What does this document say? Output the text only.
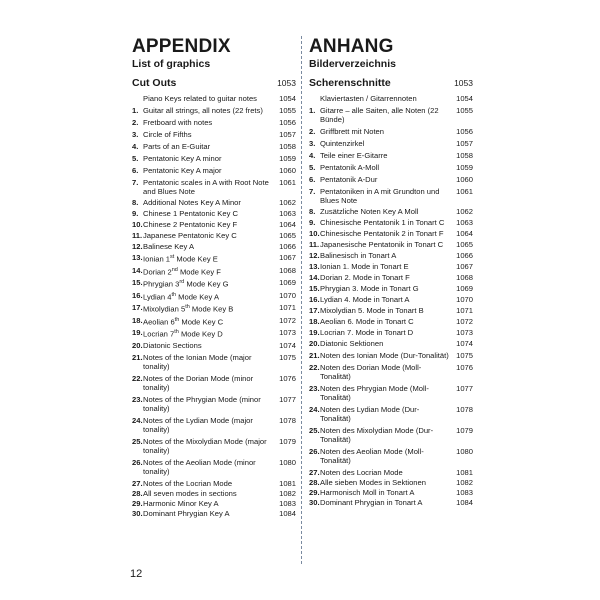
APPENDIX
List of graphics
Cut Outs	1053
Piano Keys related to guitar notes	1054
1. Guitar all strings, all notes (22 frets)	1055
2. Fretboard with notes	1056
3. Circle of Fifths	1057
4. Parts of an E-Guitar	1058
5. Pentatonic Key A minor	1059
6. Pentatonic Key A major	1060
7. Pentatonic scales in A with Root Note and Blues Note
1061
8. Additional Notes Key A Minor	1062
9. Chinese 1 Pentatonic Key C	1063
10. Chinese 2 Pentatonic Key F	1064
11. Japanese Pentatonic Key C	1065
12. Balinese Key A	1066
13. Ionian 1st Mode Key E	1067
14. Dorian 2nd Mode Key F	1068
15. Phrygian 3rd Mode Key G	1069
16. Lydian 4th Mode Key A	1070
17. Mixolydian 5th Mode Key B	1071
18. Aeolian 6th Mode Key C	1072
19. Locrian 7th Mode Key D	1073
20. Diatonic Sections	1074
21. Notes of the Ionian Mode (major tonality)
1075
22. Notes of the Dorian Mode (minor tonality)
1076
23. Notes of the Phrygian Mode (minor tonality)
1077
24. Notes of the Lydian Mode (major tonality)
1078
25. Notes of the Mixolydian Mode (major tonality)
1079
26. Notes of the Aeolian Mode (minor tonality)
1080
27. Notes of the Locrian Mode	1081
28. All seven modes in sections	1082
29. Harmonic Minor Key A	1083
30. Dominant Phrygian Key A	1084
ANHANG
Bilderverzeichnis
Scherenschnitte	1053
Klaviertasten / Gitarrennoten	1054
1. Gitarre – alle Saiten, alle Noten (22 Bünde)
1055
2. Griffbrett mit Noten	1056
3. Quintenzirkel	1057
4. Teile einer E-Gitarre	1058
5. Pentatonik A-Moll	1059
6. Pentatonik A-Dur	1060
7. Pentatoniken in A mit Grundton und Blues Note
1061
8. Zusätzliche Noten Key A Moll	1062
9. Chinesische Pentatonik 1 in Tonart C	1063
10. Chinesische Pentatonik 2 in Tonart F	1064
11. Japanesische Pentatonik in Tonart C	1065
12. Balinesisch in Tonart A	1066
13. Ionian 1. Mode in Tonart E	1067
14. Dorian 2. Mode in Tonart F	1068
15. Phrygian 3. Mode in Tonart G	1069
16. Lydian 4. Mode in Tonart A	1070
17. Mixolydian 5. Mode in Tonart B	1071
18. Aeolian 6. Mode in Tonart C	1072
19. Locrian 7. Mode in Tonart D	1073
20. Diatonic Sektionen	1074
21. Noten des Ionian Mode (Dur-Tonalität) 1075
22. Noten des Dorian Mode (Moll-Tonalität)
1076
23. Noten des Phrygian Mode (Moll-Tonalität)
1077
24. Noten des Lydian Mode (Dur-Tonalität)
1078
25. Noten des Mixolydian Mode (Dur-Tonalität)
1079
26. Noten des Aeolian Mode (Moll-Tonalität)
1080
27. Noten des Locrian Mode	1081
28. Alle sieben Modes in Sektionen	1082
29. Harmonisch Moll in Tonart A	1083
30. Dominant Phrygian in Tonart A	1084
12
